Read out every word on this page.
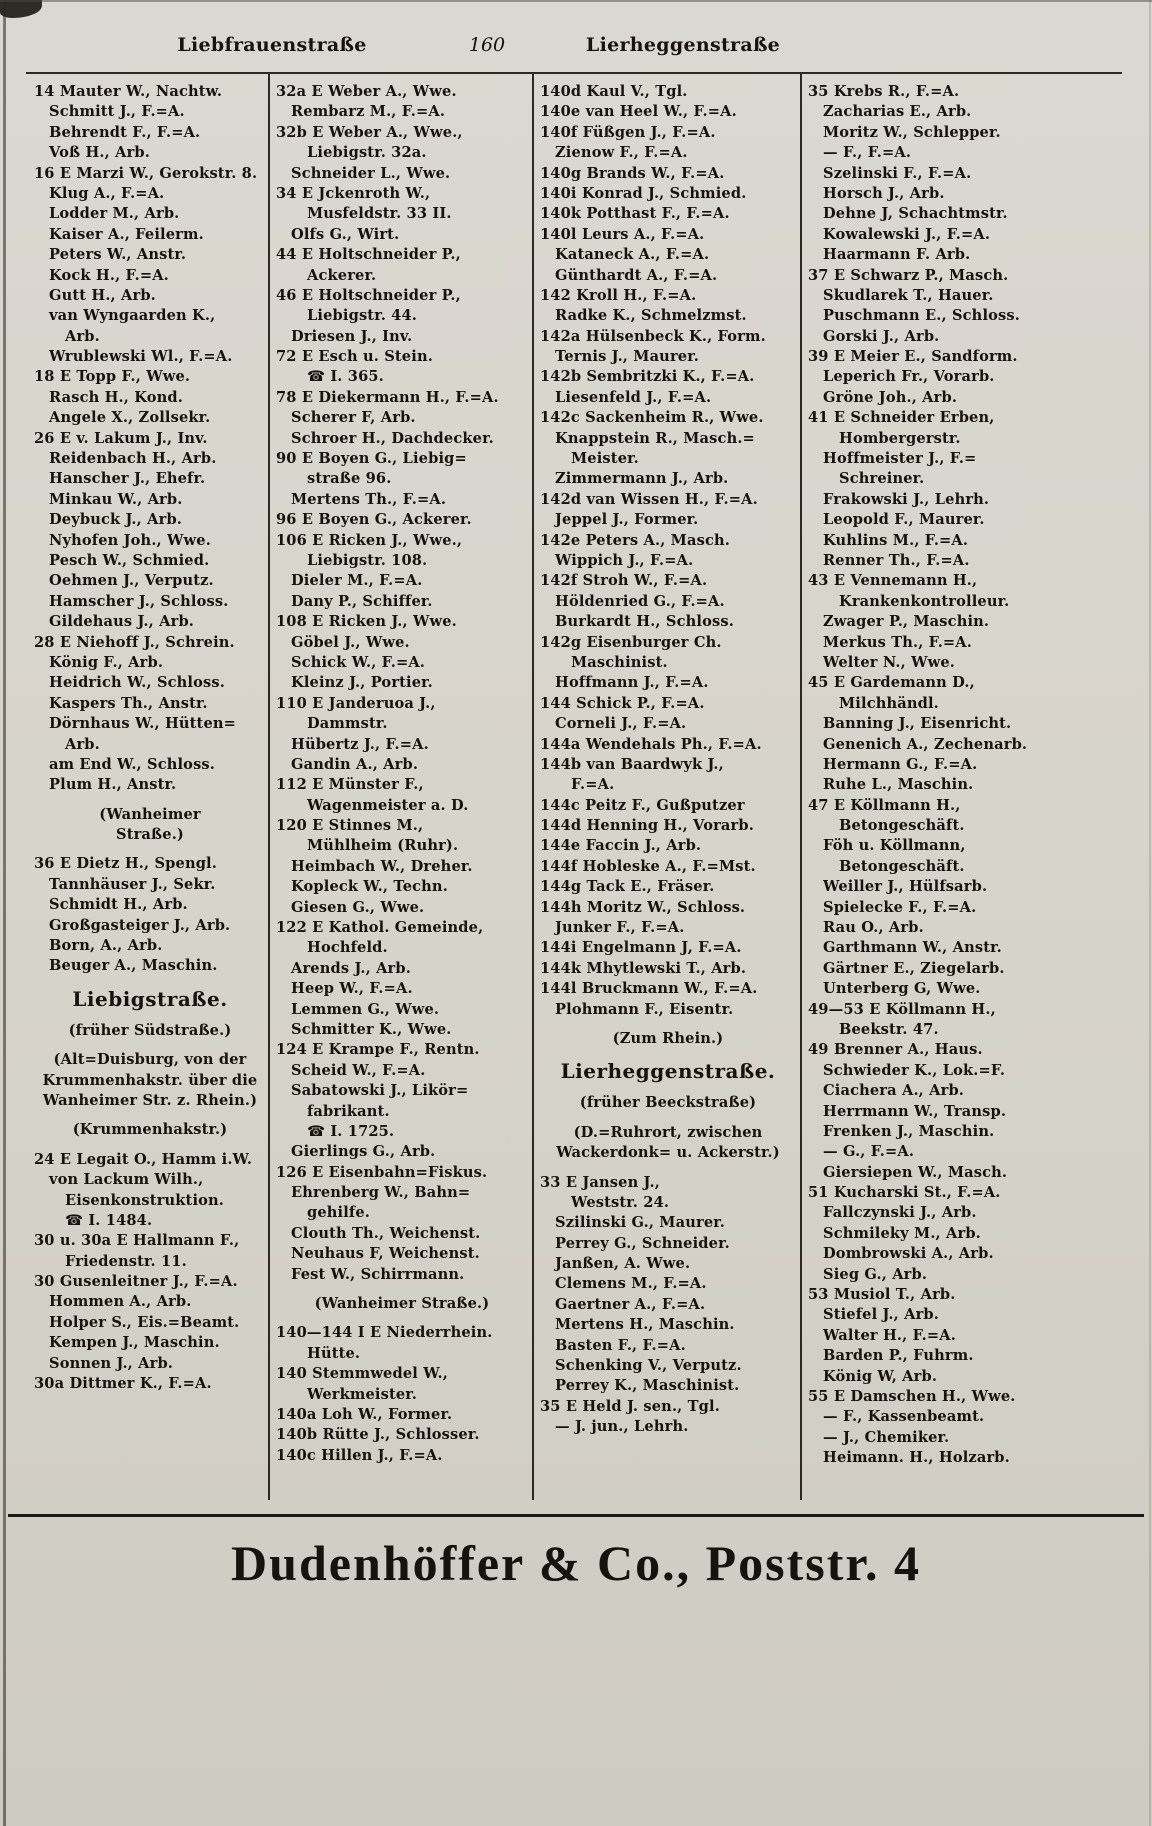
Liebfrauenstraße	160	Lierheggenstraße
14 Mauter W., Nachtw.
Schmitt J., F.=A.
Behrendt F., F.=A.
Voß H., Arb.
16 E Marzi W., Gerokstr. 8.
Klug A., F.=A.
Lodder M., Arb.
Kaiser A., Feilerm.
Peters W., Anstr.
Kock H., F.=A.
Gutt H., Arb.
van Wyngaarden K.,
Arb.
Wrublewski Wl., F.=A.
18 E Topp F., Wwe.
Rasch H., Kond.
Angele X., Zollsekr.
26 E v. Lakum J., Inv.
Reidenbach H., Arb.
Hanscher J., Ehefr.
Minkau W., Arb.
Deybuck J., Arb.
Nyhofen Joh., Wwe.
Pesch W., Schmied.
Oehmen J., Verputz.
Hamscher J., Schloss.
Gildehaus J., Arb.
28 E Niehoff J., Schrein.
König F., Arb.
Heidrich W., Schloss.
Kaspers Th., Anstr.
Dörnhaus W., Hütten=
Arb.
am End W., Schloss.
Plum H., Anstr.
(Wanheimer
Straße.)
36 E Dietz H., Spengl.
Tannhäuser J., Sekr.
Schmidt H., Arb.
Großgasteiger J., Arb.
Born, A., Arb.
Beuger A., Maschin.
Liebigstraße.
(früher Südstraße.)
(Alt=Duisburg, von der
Krummenhakstr. über die
Wanheimer Str. z. Rhein.)
(Krummenhakstr.)
24 E Legait O., Hamm i.W.
von Lackum Wilh.,
Eisenkonstruktion.
☎ I. 1484.
30 u. 30a E Hallmann F.,
Friedenstr. 11.
30 Gusenleitner J., F.=A.
Hommen A., Arb.
Holper S., Eis.=Beamt.
Kempen J., Maschin.
Sonnen J., Arb.
30a Dittmer K., F.=A.
32a E Weber A., Wwe.
Rembarz M., F.=A.
32b E Weber A., Wwe.,
Liebigstr. 32a.
Schneider L., Wwe.
34 E Jckenroth W.,
Musfeldstr. 33 II.
Olfs G., Wirt.
44 E Holtschneider P.,
Ackerer.
46 E Holtschneider P.,
Liebigstr. 44.
Driesen J., Inv.
72 E Esch u. Stein.
☎ I. 365.
78 E Diekermann H., F.=A.
Scherer F, Arb.
Schroer H., Dachdecker.
90 E Boyen G., Liebig=
straße 96.
Mertens Th., F.=A.
96 E Boyen G., Ackerer.
106 E Ricken J., Wwe.,
Liebigstr. 108.
Dieler M., F.=A.
Dany P., Schiffer.
108 E Ricken J., Wwe.
Göbel J., Wwe.
Schick W., F.=A.
Kleinz J., Portier.
110 E Janderuoa J.,
Dammstr.
Hübertz J., F.=A.
Gandin A., Arb.
112 E Münster F.,
Wagenmeister a. D.
120 E Stinnes M.,
Mühlheim (Ruhr).
Heimbach W., Dreher.
Kopleck W., Techn.
Giesen G., Wwe.
122 E Kathol. Gemeinde,
Hochfeld.
Arends J., Arb.
Heep W., F.=A.
Lemmen G., Wwe.
Schmitter K., Wwe.
124 E Krampe F., Rentn.
Scheid W., F.=A.
Sabatowski J., Likör=
fabrikant.
☎ I. 1725.
Gierlings G., Arb.
126 E Eisenbahn=Fiskus.
Ehrenberg W., Bahn=
gehilfe.
Clouth Th., Weichenst.
Neuhaus F, Weichenst.
Fest W., Schirrmann.
(Wanheimer Straße.)
140—144 I E Niederrhein.
Hütte.
140 Stemmwedel W.,
Werkmeister.
140a Loh W., Former.
140b Rütte J., Schlosser.
140c Hillen J., F.=A.
140d Kaul V., Tgl.
140e van Heel W., F.=A.
140f Füßgen J., F.=A.
Zienow F., F.=A.
140g Brands W., F.=A.
140i Konrad J., Schmied.
140k Potthast F., F.=A.
140l Leurs A., F.=A.
Kataneck A., F.=A.
Günthardt A., F.=A.
142 Kroll H., F.=A.
Radke K., Schmelzmst.
142a Hülsenbeck K., Form.
Ternis J., Maurer.
142b Sembritzki K., F.=A.
Liesenfeld J., F.=A.
142c Sackenheim R., Wwe.
Knappstein R., Masch.=
Meister.
Zimmermann J., Arb.
142d van Wissen H., F.=A.
Jeppel J., Former.
142e Peters A., Masch.
Wippich J., F.=A.
142f Stroh W., F.=A.
Höldenried G., F.=A.
Burkardt H., Schloss.
142g Eisenburger Ch.
Maschinist.
Hoffmann J., F.=A.
144 Schick P., F.=A.
Corneli J., F.=A.
144a Wendehals Ph., F.=A.
144b van Baardwyk J.,
F.=A.
144c Peitz F., Gußputzer
144d Henning H., Vorarb.
144e Faccin J., Arb.
144f Hobleske A., F.=Mst.
144g Tack E., Fräser.
144h Moritz W., Schloss.
Junker F., F.=A.
144i Engelmann J, F.=A.
144k Mhytlewski T., Arb.
144l Bruckmann W., F.=A.
Plohmann F., Eisentr.
(Zum Rhein.)
Lierheggenstraße.
(früher Beeckstraße)
(D.=Ruhrort, zwischen
Wackerdonk= u. Ackerstr.)
33 E Jansen J.,
Weststr. 24.
Szilinski G., Maurer.
Perrey G., Schneider.
Janßen, A. Wwe.
Clemens M., F.=A.
Gaertner A., F.=A.
Mertens H., Maschin.
Basten F., F.=A.
Schenking V., Verputz.
Perrey K., Maschinist.
35 E Held J. sen., Tgl.
— J. jun., Lehrh.
35 Krebs R., F.=A.
Zacharias E., Arb.
Moritz W., Schlepper.
— F., F.=A.
Szelinski F., F.=A.
Horsch J., Arb.
Dehne J, Schachtmstr.
Kowalewski J., F.=A.
Haarmann F. Arb.
37 E Schwarz P., Masch.
Skudlarek T., Hauer.
Puschmann E., Schloss.
Gorski J., Arb.
39 E Meier E., Sandform.
Leperich Fr., Vorarb.
Gröne Joh., Arb.
41 E Schneider Erben,
Hombergerstr.
Hoffmeister J., F.=
Schreiner.
Frakowski J., Lehrh.
Leopold F., Maurer.
Kuhlins M., F.=A.
Renner Th., F.=A.
43 E Vennemann H.,
Krankenkontrolleur.
Zwager P., Maschin.
Merkus Th., F.=A.
Welter N., Wwe.
45 E Gardemann D.,
Milchhändl.
Banning J., Eisenricht.
Genenich A., Zechenarb.
Hermann G., F.=A.
Ruhe L., Maschin.
47 E Köllmann H.,
Betongeschäft.
Föh u. Köllmann,
Betongeschäft.
Weiller J., Hülfsarb.
Spielecke F., F.=A.
Rau O., Arb.
Garthmann W., Anstr.
Gärtner E., Ziegelarb.
Unterberg G, Wwe.
49—53 E Köllmann H.,
Beekstr. 47.
49 Brenner A., Haus.
Schwieder K., Lok.=F.
Ciachera A., Arb.
Herrmann W., Transp.
Frenken J., Maschin.
— G., F.=A.
Giersiepen W., Masch.
51 Kucharski St., F.=A.
Fallczynski J., Arb.
Schmileky M., Arb.
Dombrowski A., Arb.
Sieg G., Arb.
53 Musiol T., Arb.
Stiefel J., Arb.
Walter H., F.=A.
Barden P., Fuhrm.
König W, Arb.
55 E Damschen H., Wwe.
— F., Kassenbeamt.
— J., Chemiker.
Heimann. H., Holzarb.
Dudenhöffer & Co., Poststr. 4
